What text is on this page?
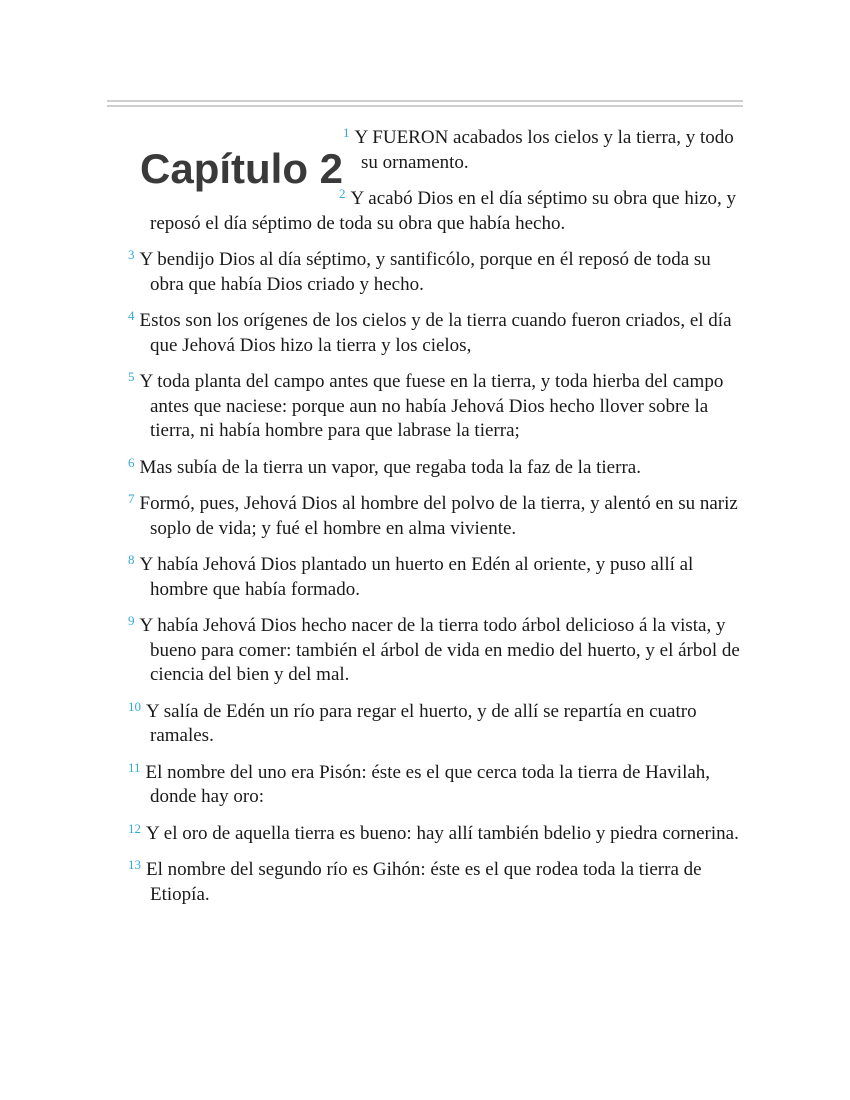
Capítulo 2

$^1$ Y FUERON acabados los cielos y la tierra, y todo su ornamento.

$^2$ Y acabó Dios en el día séptimo su obra que hizo, y reposó el día séptimo de toda su obra que había hecho.

$^3$ Y bendijo Dios al día séptimo, y santificólo, porque en él reposó de toda su obra que había Dios criado y hecho.

$^4$ Estos son los orígenes de los cielos y de la tierra cuando fueron criados, el día que Jehová Dios hizo la tierra y los cielos,

$^5$ Y toda planta del campo antes que fuese en la tierra, y toda hierba del campo antes que naciese: porque aun no había Jehová Dios hecho llover sobre la tierra, ni había hombre para que labrase la tierra;

$^6$ Mas subía de la tierra un vapor, que regaba toda la faz de la tierra.

$^7$ Formó, pues, Jehová Dios al hombre del polvo de la tierra, y alentó en su nariz soplo de vida; y fué el hombre en alma viviente.

$^8$ Y había Jehová Dios plantado un huerto en Edén al oriente, y puso allí al hombre que había formado.

$^9$ Y había Jehová Dios hecho nacer de la tierra todo árbol delicioso á la vista, y bueno para comer: también el árbol de vida en medio del huerto, y el árbol de ciencia del bien y del mal.

$^{10}$ Y salía de Edén un río para regar el huerto, y de allí se repartía en cuatro ramales.

$^{11}$ El nombre del uno era Pisón: éste es el que cerca toda la tierra de Havilah, donde hay oro:

$^{12}$ Y el oro de aquella tierra es bueno: hay allí también bdelio y piedra cornerina.

$^{13}$ El nombre del segundo río es Gihón: éste es el que rodea toda la tierra de Etiopía.
